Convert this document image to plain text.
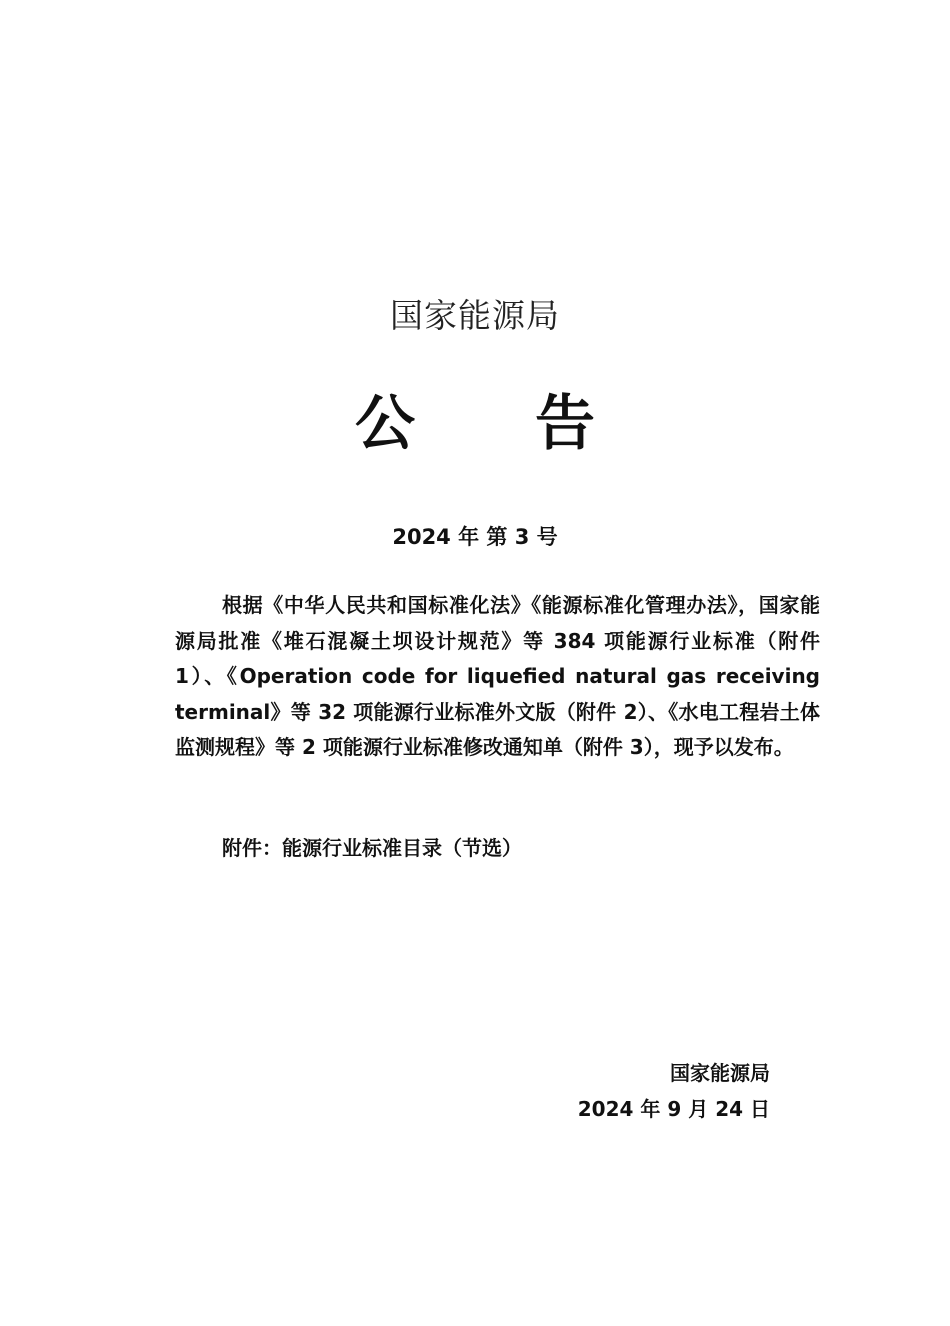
国家能源局
公 告
2024 年 第 3 号
根据《中华人民共和国标准化法》《能源标准化管理办法》，国家能源局批准《堆石混凝土坝设计规范》等 384 项能源行业标准（附件 1）、《Operation code for liquefied natural gas receiving terminal》等 32 项能源行业标准外文版（附件 2）、《水电工程岩土体监测规程》等 2 项能源行业标准修改通知单（附件 3），现予以发布。
附件：能源行业标准目录（节选）
国家能源局
2024 年 9 月 24 日
